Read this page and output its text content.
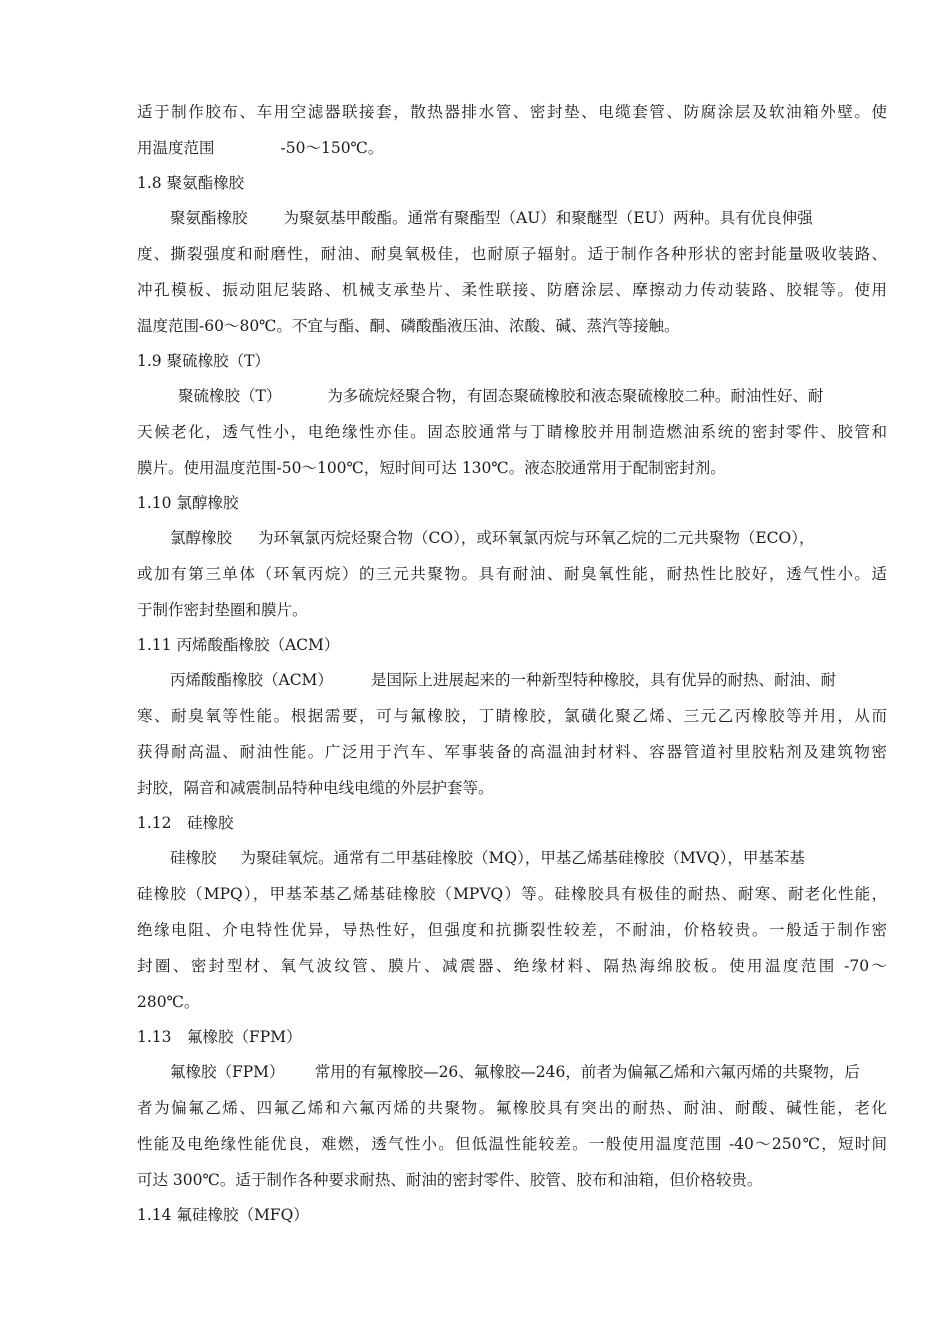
适于制作胶布、车用空滤器联接套，散热器排水管、密封垫、电缆套管、防腐涂层及软油箱外壁。使
用温度范围	-50～150℃。
1.8 聚氨酯橡胶
聚氨酯橡胶 为聚氨基甲酸酯。通常有聚酯型（AU）和聚醚型（EU）两种。具有优良伸强
度、撕裂强度和耐磨性，耐油、耐臭氧极佳，也耐原子辐射。适于制作各种形状的密封能量吸收装路、
冲孔模板、振动阻尼装路、机械支承垫片、柔性联接、防磨涂层、摩擦动力传动装路、胶辊等。使用
温度范围-60～80℃。不宜与酯、酮、磷酸酯液压油、浓酸、碱、蒸汽等接触。
1.9 聚硫橡胶（T）
聚硫橡胶（T）	为多硫烷烃聚合物，有固态聚硫橡胶和液态聚硫橡胶二种。耐油性好、耐
天候老化，透气性小，电绝缘性亦佳。固态胶通常与丁睛橡胶并用制造燃油系统的密封零件、胶管和
膜片。使用温度范围-50～100℃，短时间可达 130℃。液态胶通常用于配制密封剂。
1.10 氯醇橡胶
氯醇橡胶 为环氧氯丙烷烃聚合物（CO），或环氧氯丙烷与环氧乙烷的二元共聚物（ECO），
或加有第三单体（环氧丙烷）的三元共聚物。具有耐油、耐臭氧性能，耐热性比胶好，透气性小。适
于制作密封垫圈和膜片。
1.11 丙烯酸酯橡胶（ACM）
丙烯酸酯橡胶（ACM） 是国际上进展起来的一种新型特种橡胶，具有优异的耐热、耐油、耐
寒、耐臭氧等性能。根据需要，可与氟橡胶，丁睛橡胶，氯磺化聚乙烯、三元乙丙橡胶等并用，从而
获得耐高温、耐油性能。广泛用于汽车、军事装备的高温油封材料、容器管道衬里胶粘剂及建筑物密
封胶，隔音和减震制品特种电线电缆的外层护套等。
1.12　硅橡胶
硅橡胶 为聚硅氧烷。通常有二甲基硅橡胶（MQ），甲基乙烯基硅橡胶（MVQ），甲基苯基
硅橡胶（MPQ），甲基苯基乙烯基硅橡胶（MPVQ）等。硅橡胶具有极佳的耐热、耐寒、耐老化性能，
绝缘电阻、介电特性优异，导热性好，但强度和抗撕裂性较差，不耐油，价格较贵。一般适于制作密
封圈、密封型材、氧气波纹管、膜片、减震器、绝缘材料、隔热海绵胶板。使用温度范围 -70～
280℃。
1.13　氟橡胶（FPM）
氟橡胶（FPM） 常用的有氟橡胶—26、氟橡胶—246，前者为偏氟乙烯和六氟丙烯的共聚物，后
者为偏氟乙烯、四氟乙烯和六氟丙烯的共聚物。氟橡胶具有突出的耐热、耐油、耐酸、碱性能，老化
性能及电绝缘性能优良，难燃，透气性小。但低温性能较差。一般使用温度范围 -40～250℃，短时间
可达 300℃。适于制作各种要求耐热、耐油的密封零件、胶管、胶布和油箱，但价格较贵。
1.14 氟硅橡胶（MFQ）
